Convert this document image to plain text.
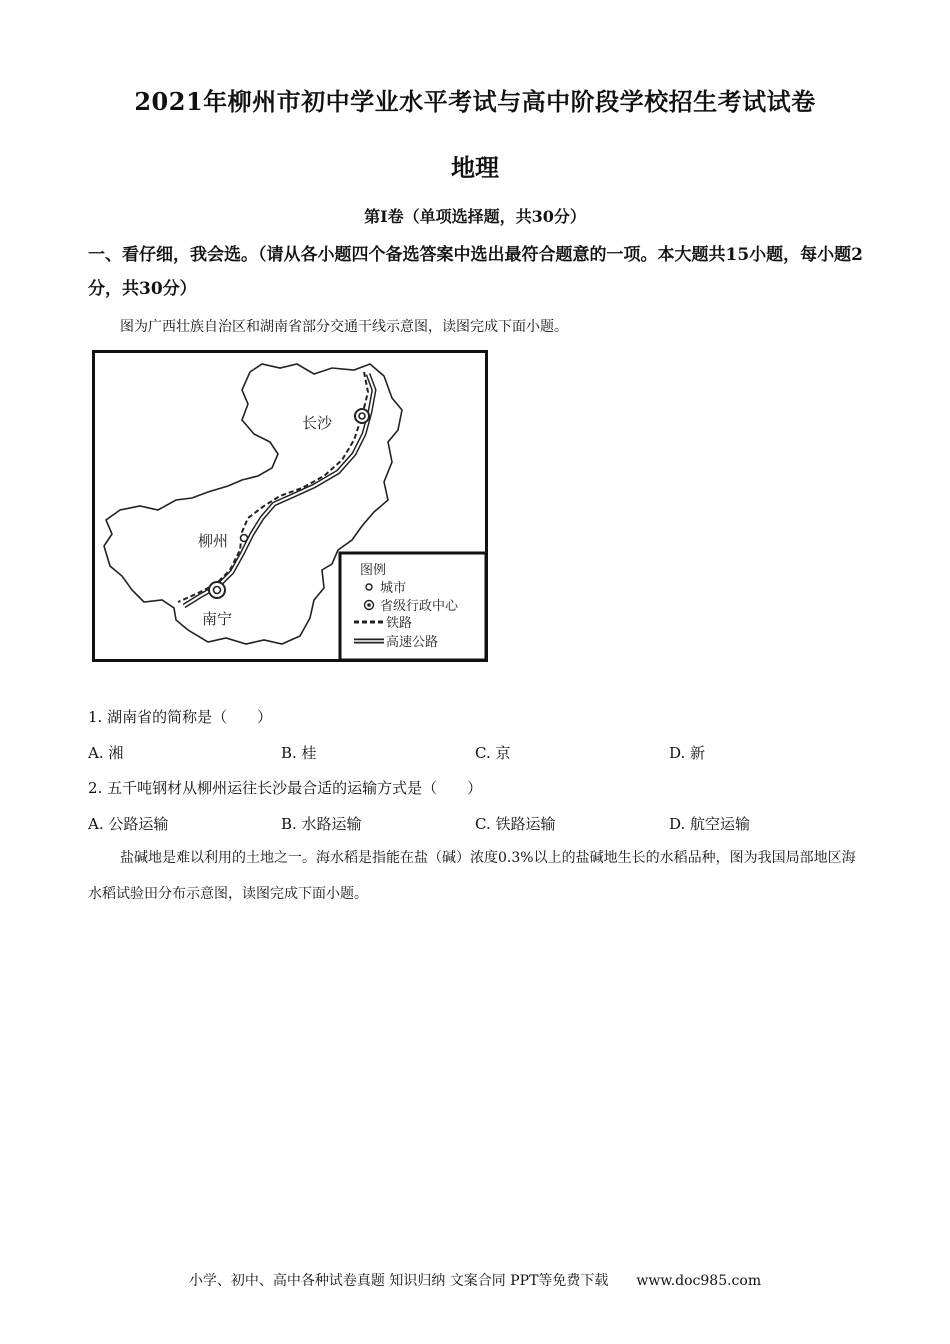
2021年柳州市初中学业水平考试与高中阶段学校招生考试试卷
地理
第Ⅰ卷（单项选择题，共30分）
一、看仔细，我会选。（请从各小题四个备选答案中选出最符合题意的一项。本大题共15小题，每小题2分，共30分）
图为广西壮族自治区和湖南省部分交通干线示意图，读图完成下面小题。
长沙
柳州
南宁
图例
城市
省级行政中心
铁路
高速公路
1. 湖南省的简称是（　　）
A. 湘	B. 桂	C. 京	D. 新
2. 五千吨钢材从柳州运往长沙最合适的运输方式是（　　）
A. 公路运输	B. 水路运输	C. 铁路运输	D. 航空运输
盐碱地是难以利用的土地之一。海水稻是指能在盐（碱）浓度0.3%以上的盐碱地生长的水稻品种，图为我国局部地区海水稻试验田分布示意图，读图完成下面小题。
小学、初中、高中各种试卷真题 知识归纳 文案合同 PPT等免费下载　　www.doc985.com
